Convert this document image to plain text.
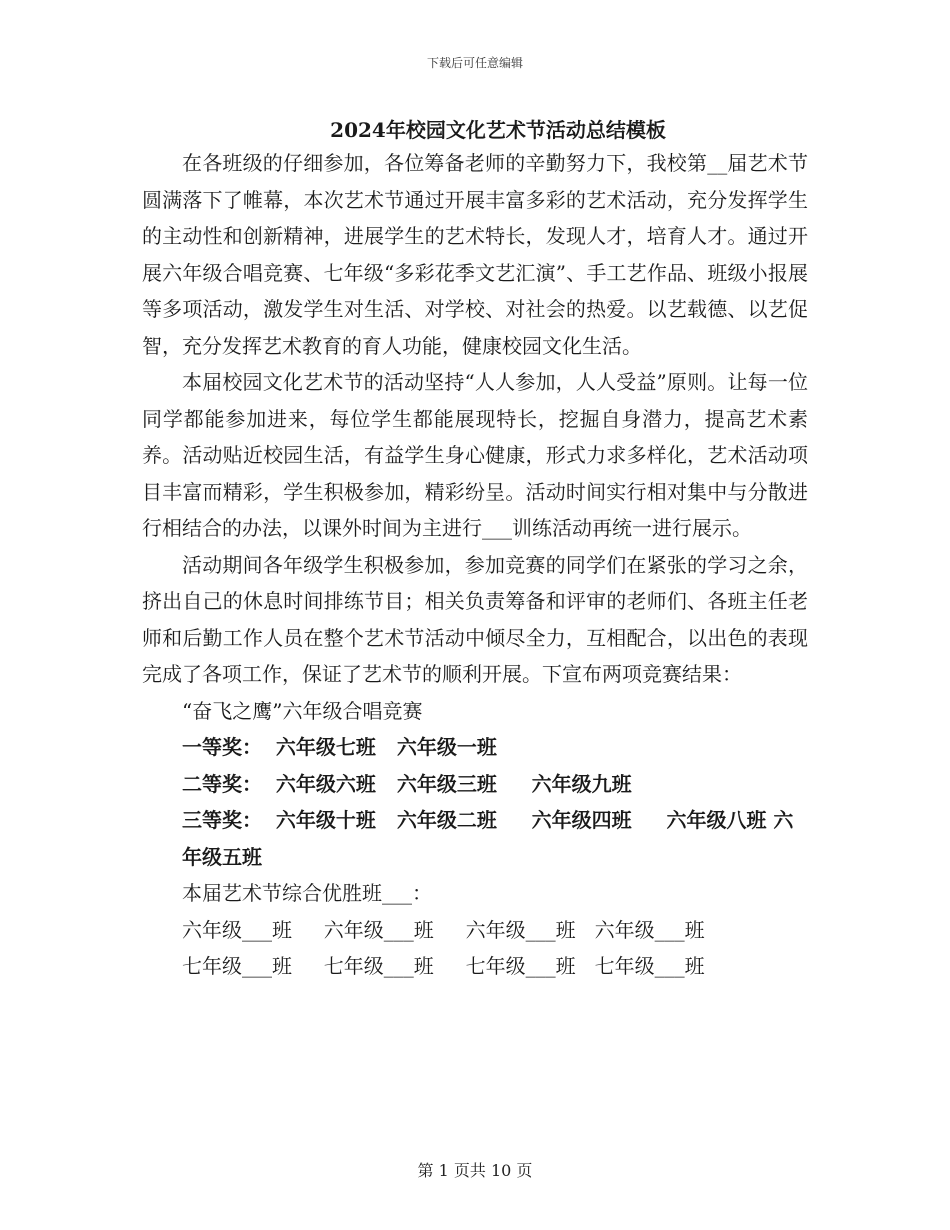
下载后可任意编辑
2024年校园文化艺术节活动总结模板

在各班级的仔细参加，各位筹备老师的辛勤努力下，我校第__届艺术节圆满落下了帷幕，本次艺术节通过开展丰富多彩的艺术活动，充分发挥学生的主动性和创新精神，进展学生的艺术特长，发现人才，培育人才。通过开展六年级合唱竞赛、七年级“多彩花季文艺汇演”、手工艺作品、班级小报展等多项活动，激发学生对生活、对学校、对社会的热爱。以艺载德、以艺促智，充分发挥艺术教育的育人功能，健康校园文化生活。

本届校园文化艺术节的活动坚持“人人参加，人人受益”原则。让每一位同学都能参加进来，每位学生都能展现特长，挖掘自身潜力，提高艺术素养。活动贴近校园生活，有益学生身心健康，形式力求多样化，艺术活动项目丰富而精彩，学生积极参加，精彩纷呈。活动时间实行相对集中与分散进行相结合的办法，以课外时间为主进行___训练活动再统一进行展示。

活动期间各年级学生积极参加，参加竞赛的同学们在紧张的学习之余，挤出自己的休息时间排练节目；相关负责筹备和评审的老师们、各班主任老师和后勤工作人员在整个艺术节活动中倾尽全力，互相配合，以出色的表现完成了各项工作，保证了艺术节的顺利开展。下宣布两项竞赛结果：

“奋飞之鹰”六年级合唱竞赛

一等奖：  六年级七班   六年级一班

二等奖：  六年级六班   六年级三班     六年级九班

三等奖：  六年级十班   六年级二班     六年级四班     六年级八班 六年级五班

本届艺术节综合优胜班___：

六年级___班     六年级___班     六年级___班   六年级___班

七年级___班     七年级___班     七年级___班   七年级___班

第 1 页共 10 页
